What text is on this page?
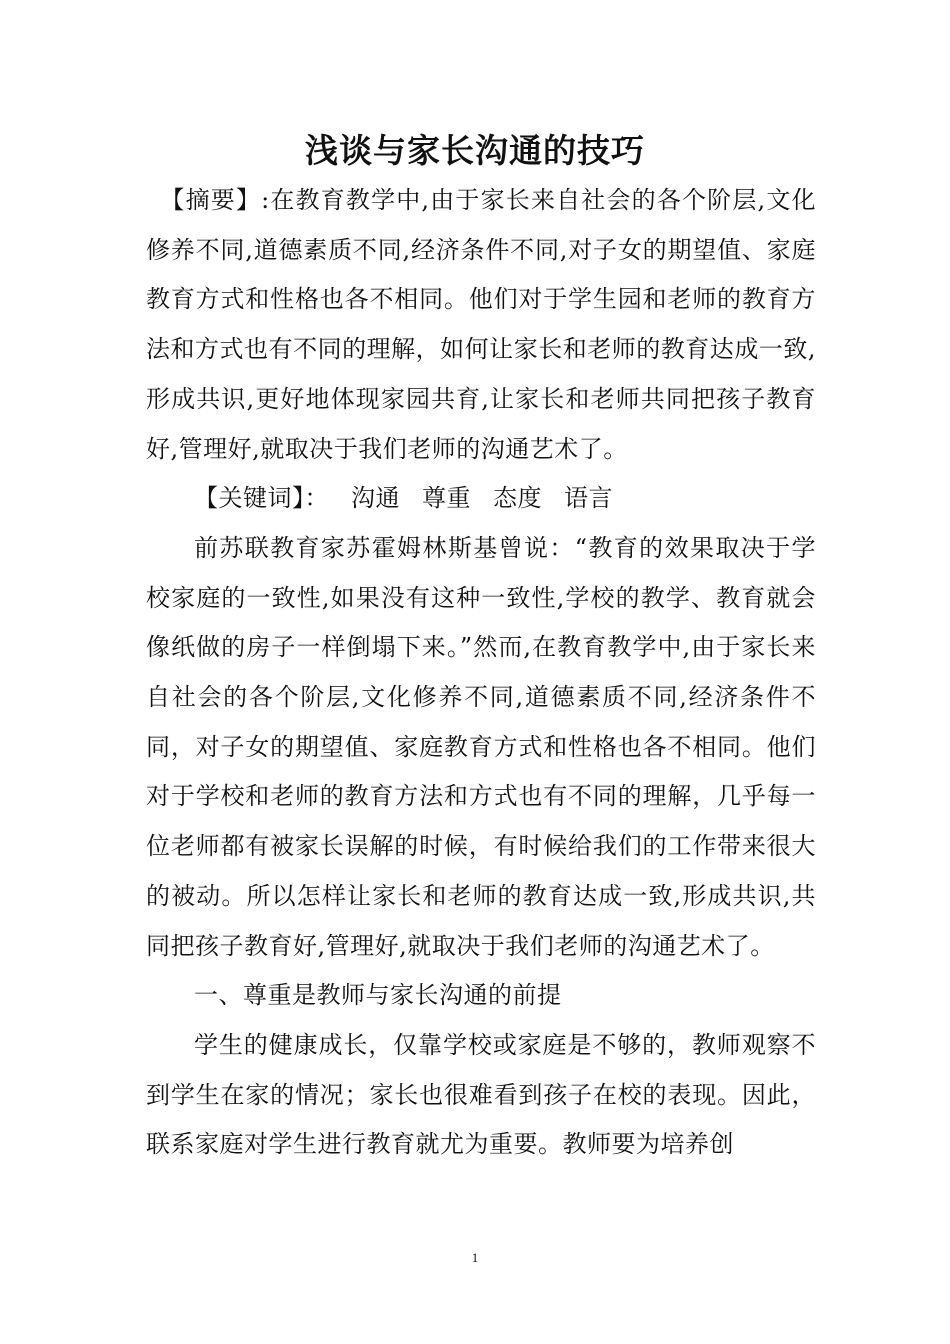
浅谈与家长沟通的技巧

【摘要】:在教育教学中,由于家长来自社会的各个阶层,文化修养不同,道德素质不同,经济条件不同,对子女的期望值、家庭教育方式和性格也各不相同。他们对于学生园和老师的教育方法和方式也有不同的理解，如何让家长和老师的教育达成一致,形成共识,更好地体现家园共育,让家长和老师共同把孩子教育好,管理好,就取决于我们老师的沟通艺术了。

【关键词】： 沟通 尊重 态度 语言

前苏联教育家苏霍姆林斯基曾说：“教育的效果取决于学校家庭的一致性,如果没有这种一致性,学校的教学、教育就会像纸做的房子一样倒塌下来。”然而,在教育教学中,由于家长来自社会的各个阶层,文化修养不同,道德素质不同,经济条件不同，对子女的期望值、家庭教育方式和性格也各不相同。他们对于学校和老师的教育方法和方式也有不同的理解，几乎每一位老师都有被家长误解的时候，有时候给我们的工作带来很大的被动。所以怎样让家长和老师的教育达成一致,形成共识,共同把孩子教育好,管理好,就取决于我们老师的沟通艺术了。

一、尊重是教师与家长沟通的前提

学生的健康成长，仅靠学校或家庭是不够的，教师观察不到学生在家的情况；家长也很难看到孩子在校的表现。因此，联系家庭对学生进行教育就尤为重要。教师要为培养创

1
